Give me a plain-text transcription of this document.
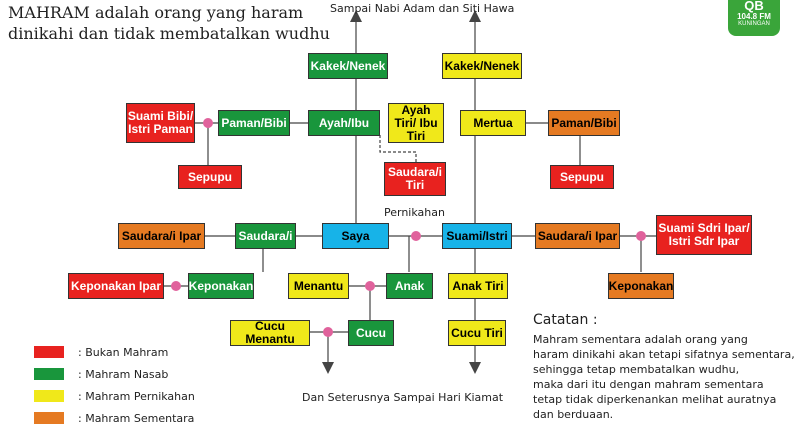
MAHRAM adalah orang yang haram
dinikahi dan tidak membatalkan wudhu
Sampai Nabi Adam dan Siti Hawa
Dan Seterusnya Sampai Hari Kiamat
Pernikahan
Kakek/Nenek	Kakek/Nenek
Suami Bibi/ Istri Paman Paman/Bibi	Ayah/Ibu
Ayah Tiri/ Ibu Tiri
Mertua	Paman/Bibi
Sepupu	Saudara/i Tiri
Sepupu
Saudara/i Ipar	Saudara/i	Saya	Suami/Istri	Saudara/i Ipar
Suami Sdri Ipar/ Istri Sdr Ipar
Keponakan Ipar Keponakan	Menantu	Anak	Anak Tiri	Keponakan
Cucu Menantu	Cucu	Cucu Tiri
: Bukan Mahram
: Mahram Nasab
: Mahram Pernikahan
: Mahram Sementara
Catatan :
Mahram sementara adalah orang yang
haram dinikahi akan tetapi sifatnya sementara,
sehingga tetap membatalkan wudhu,
maka dari itu dengan mahram sementara
tetap tidak diperkenankan melihat auratnya
dan berduaan.
QB
104.8 FM
KUNINGAN
